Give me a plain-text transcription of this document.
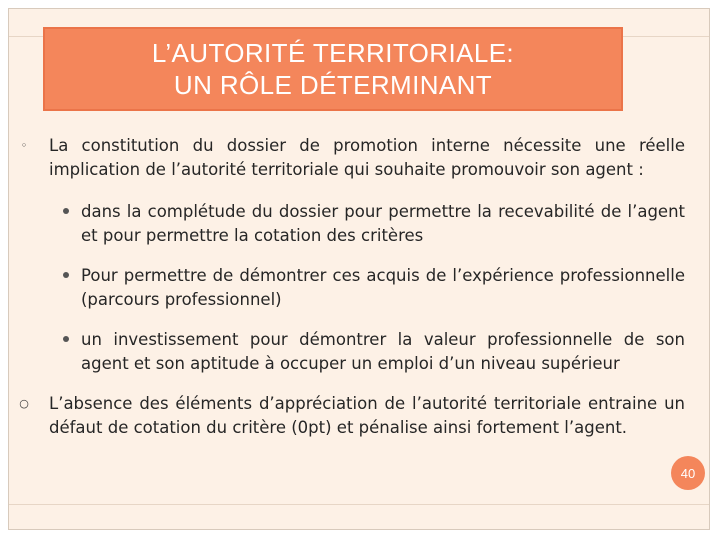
L’AUTORITÉ TERRITORIALE:
UN RÔLE DÉTERMINANT

◦ La constitution du dossier de promotion interne nécessite une réelle implication de l’autorité territoriale qui souhaite promouvoir son agent :

dans la complétude du dossier pour permettre la recevabilité de l’agent et pour permettre la cotation des critères
Pour permettre de démontrer ces acquis de l’expérience professionnelle (parcours professionnel)
un investissement pour démontrer la valeur professionnelle de son agent et son aptitude à occuper un emploi d’un niveau supérieur

○ L’absence des éléments d’appréciation de l’autorité territoriale entraine un défaut de cotation du critère (0pt) et pénalise ainsi fortement l’agent.

40
